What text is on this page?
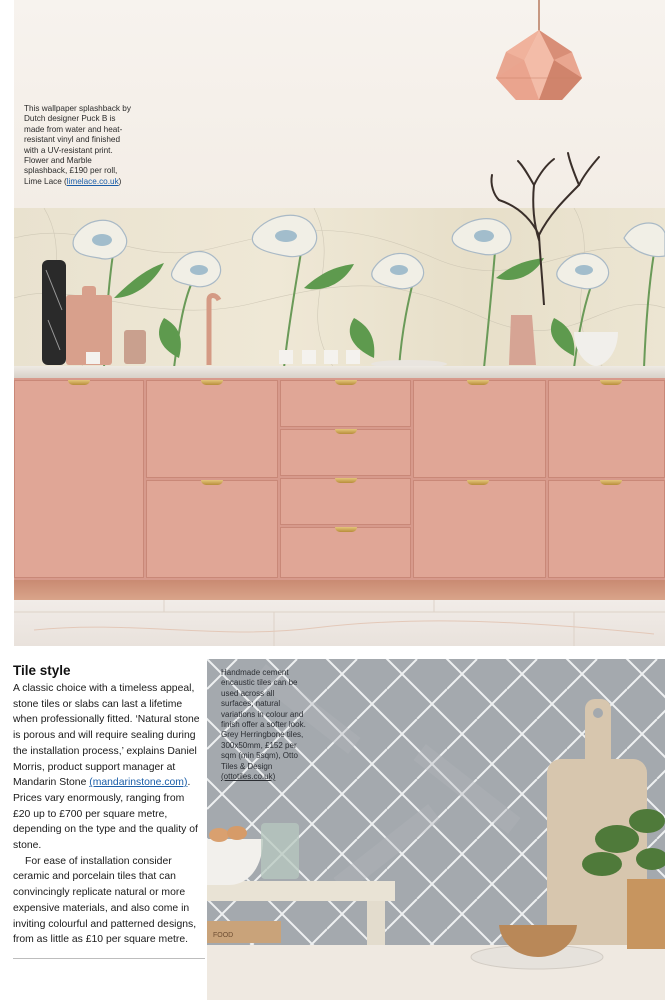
This wallpaper splashback by Dutch designer Puck B is made from water and heat-resistant vinyl and finished with a UV-resistant print. Flower and Marble splashback, £190 per roll, Lime Lace (limelace.co.uk)
Tile style

A classic choice with a timeless appeal, stone tiles or slabs can last a lifetime when professionally fitted. ‘Natural stone is porous and will require sealing during the installation process,’ explains Daniel Morris, product support manager at Mandarin Stone (mandarinstone.com). Prices vary enormously, ranging from £20 up to £700 per square metre, depending on the type and the quality of stone.

For ease of installation consider ceramic and porcelain tiles that can convincingly replicate natural or more expensive materials, and also come in inviting colourful and patterned designs, from as little as £10 per square metre.	FOOD
Handmade cement encaustic tiles can be used across all surfaces; natural variations in colour and finish offer a softer look. Grey Herringbone tiles, 300x50mm, £152 per sqm (min 5sqm), Otto Tiles & Design (ottotiles.co.uk)
